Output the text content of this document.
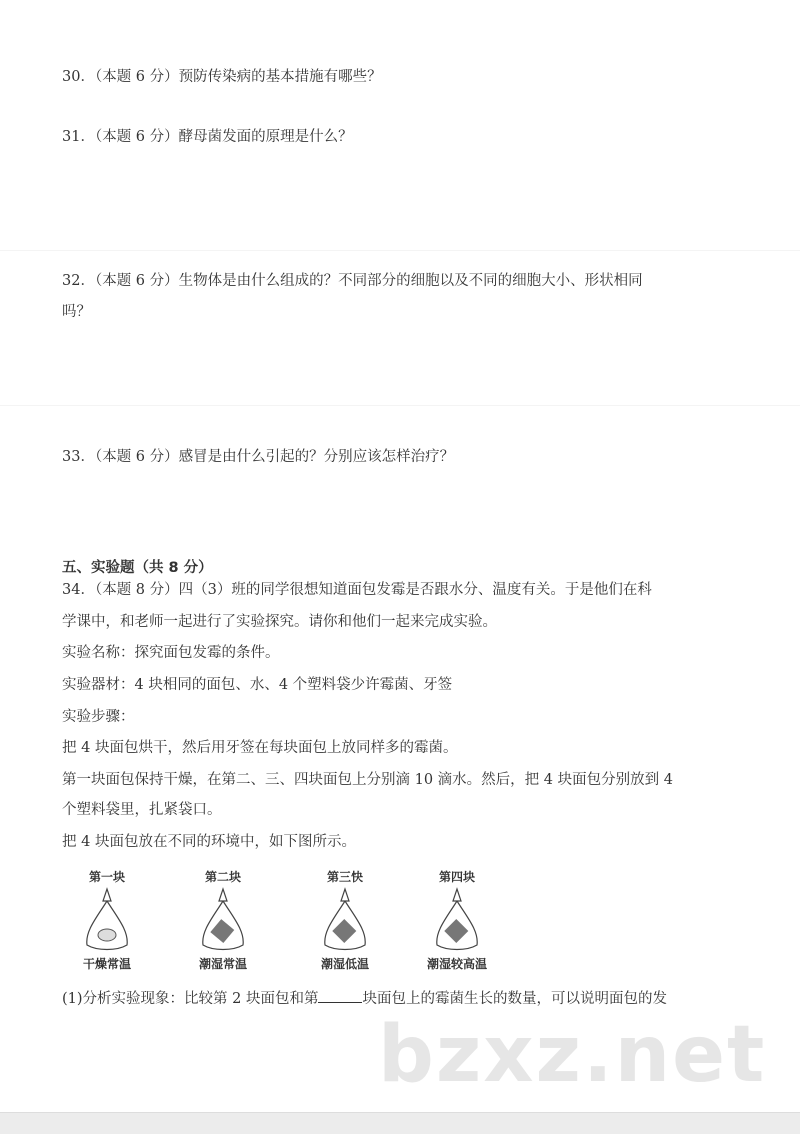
30．（本题 6 分）预防传染病的基本措施有哪些？
31．（本题 6 分）酵母菌发面的原理是什么？
32．（本题 6 分）生物体是由什么组成的？不同部分的细胞以及不同的细胞大小、形状相同
吗？
33．（本题 6 分）感冒是由什么引起的？分别应该怎样治疗？
五、实验题（共 8 分）
34．（本题 8 分）四（3）班的同学很想知道面包发霉是否跟水分、温度有关。于是他们在科
学课中，和老师一起进行了实验探究。请你和他们一起来完成实验。
实验名称：探究面包发霉的条件。
实验器材：4 块相同的面包、水、4 个塑料袋少许霉菌、牙签
实验步骤：
把 4 块面包烘干，然后用牙签在每块面包上放同样多的霉菌。
第一块面包保持干燥，在第二、三、四块面包上分别滴 10 滴水。然后，把 4 块面包分别放到 4
个塑料袋里，扎紧袋口。
把 4 块面包放在不同的环境中，如下图所示。
第一块
干燥常温
第二块
潮湿常温
第三快
潮湿低温
第四块
潮湿较高温
(1)分析实验现象：比较第 2 块面包和第	块面包上的霉菌生长的数量，可以说明面包的发
bzxz.net
